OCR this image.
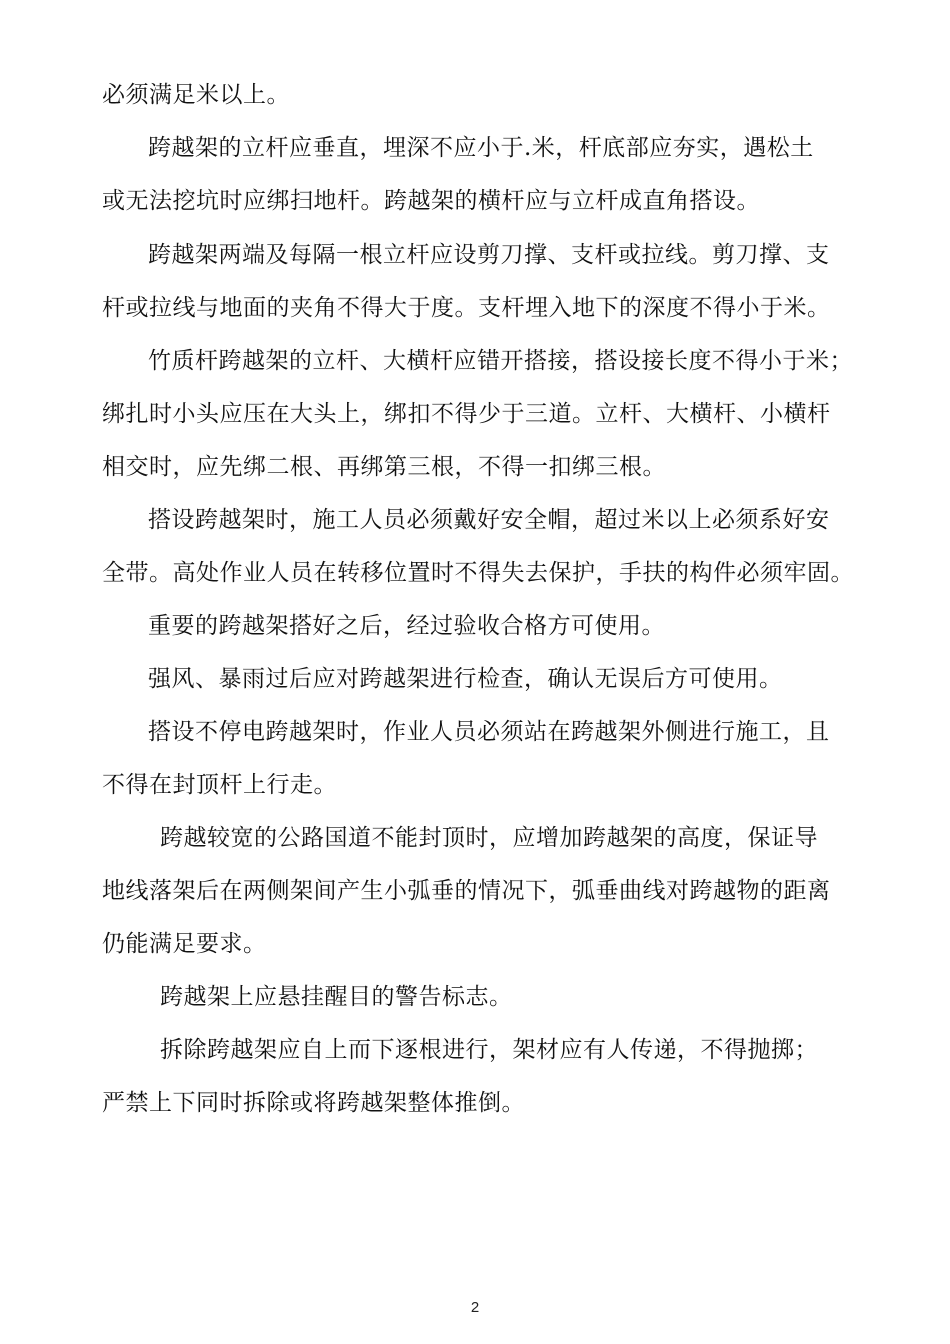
必须满足米以上。
跨越架的立杆应垂直，埋深不应小于.米，杆底部应夯实，遇松土
或无法挖坑时应绑扫地杆。跨越架的横杆应与立杆成直角搭设。
跨越架两端及每隔一根立杆应设剪刀撑、支杆或拉线。剪刀撑、支
杆或拉线与地面的夹角不得大于度。支杆埋入地下的深度不得小于米。
竹质杆跨越架的立杆、大横杆应错开搭接，搭设接长度不得小于米；
绑扎时小头应压在大头上，绑扣不得少于三道。立杆、大横杆、小横杆
相交时，应先绑二根、再绑第三根，不得一扣绑三根。
搭设跨越架时，施工人员必须戴好安全帽，超过米以上必须系好安
全带。高处作业人员在转移位置时不得失去保护，手扶的构件必须牢固。
重要的跨越架搭好之后，经过验收合格方可使用。
强风、暴雨过后应对跨越架进行检查，确认无误后方可使用。
搭设不停电跨越架时，作业人员必须站在跨越架外侧进行施工，且
不得在封顶杆上行走。
跨越较宽的公路国道不能封顶时，应增加跨越架的高度，保证导
地线落架后在两侧架间产生小弧垂的情况下，弧垂曲线对跨越物的距离
仍能满足要求。
跨越架上应悬挂醒目的警告标志。
拆除跨越架应自上而下逐根进行，架材应有人传递，不得抛掷；
严禁上下同时拆除或将跨越架整体推倒。
2
